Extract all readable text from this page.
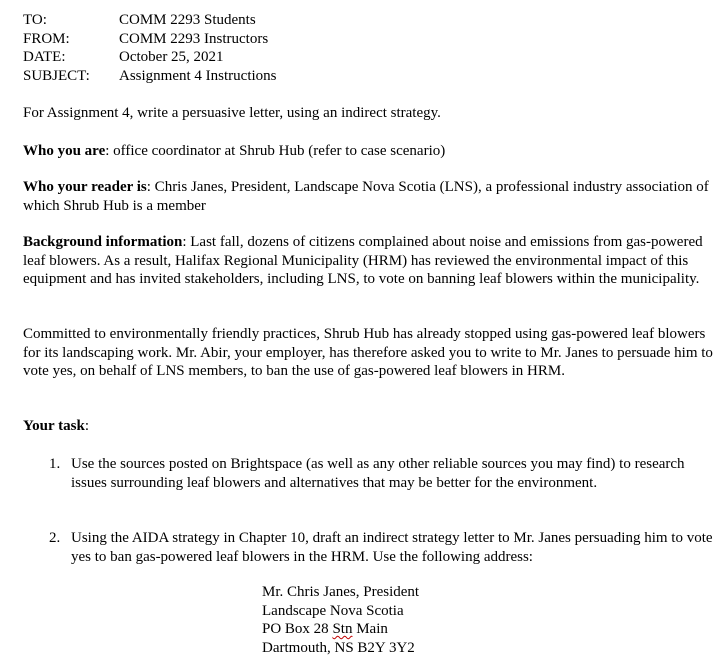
TO:	COMM 2293 Students
FROM:	COMM 2293 Instructors
DATE:	October 25, 2021
SUBJECT: Assignment 4 Instructions
For Assignment 4, write a persuasive letter, using an indirect strategy.
Who you are: office coordinator at Shrub Hub (refer to case scenario)
Who your reader is: Chris Janes, President, Landscape Nova Scotia (LNS), a professional industry association of which Shrub Hub is a member
Background information: Last fall, dozens of citizens complained about noise and emissions from gas-powered leaf blowers. As a result, Halifax Regional Municipality (HRM) has reviewed the environmental impact of this equipment and has invited stakeholders, including LNS, to vote on banning leaf blowers within the municipality.
Committed to environmentally friendly practices, Shrub Hub has already stopped using gas-powered leaf blowers for its landscaping work. Mr. Abir, your employer, has therefore asked you to write to Mr. Janes to persuade him to vote yes, on behalf of LNS members, to ban the use of gas-powered leaf blowers in HRM.
Your task:
1. Use the sources posted on Brightspace (as well as any other reliable sources you may find) to research issues surrounding leaf blowers and alternatives that may be better for the environment.
2. Using the AIDA strategy in Chapter 10, draft an indirect strategy letter to Mr. Janes persuading him to vote yes to ban gas-powered leaf blowers in the HRM. Use the following address:
Mr. Chris Janes, President
Landscape Nova Scotia
PO Box 28 Stn Main
Dartmouth, NS B2Y 3Y2
